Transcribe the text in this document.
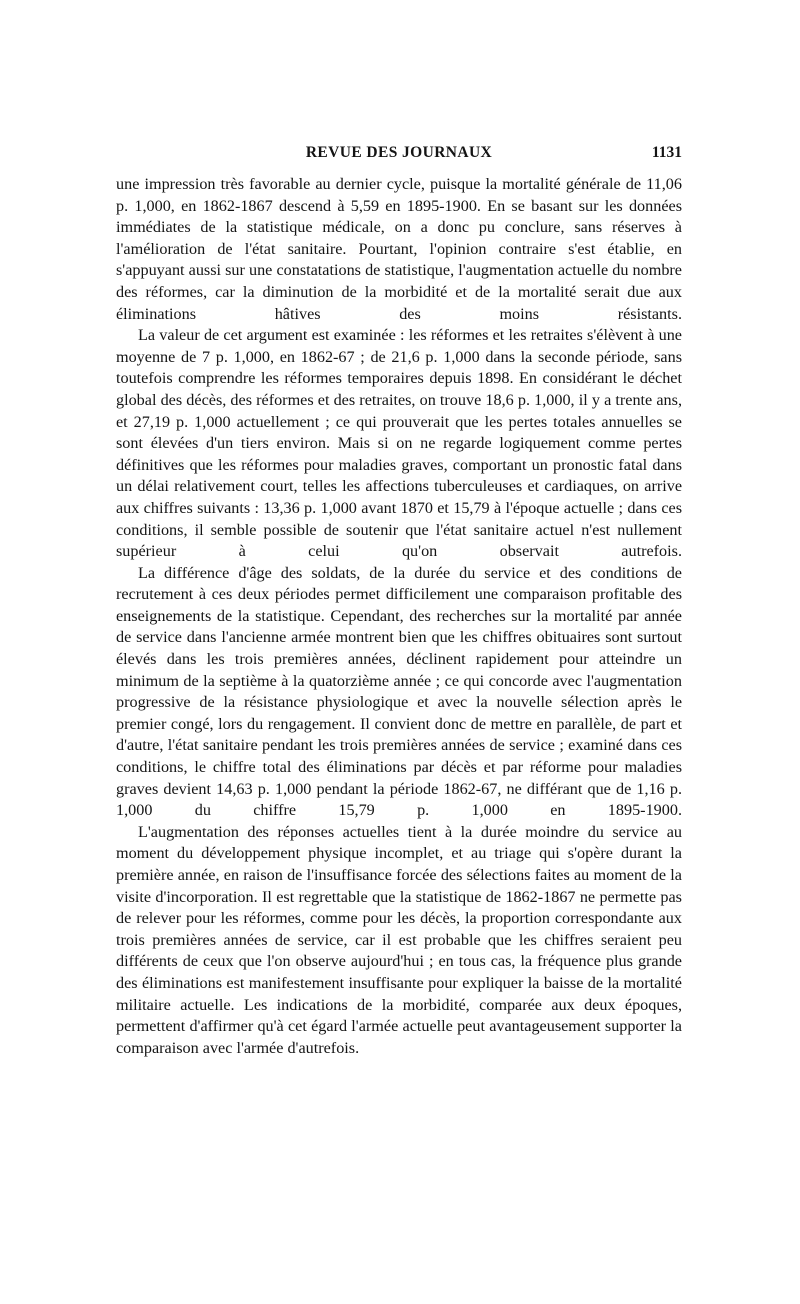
REVUE DES JOURNAUX	1131

une impression très favorable au dernier cycle, puisque la mortalité générale de 11,06 p. 1,000, en 1862-1867 descend à 5,59 en 1895-1900. En se basant sur les données immédiates de la statistique médicale, on a donc pu conclure, sans réserves à l'amélioration de l'état sanitaire. Pourtant, l'opinion contraire s'est établie, en s'appuyant aussi sur une constatations de statistique, l'augmentation actuelle du nombre des réformes, car la diminution de la morbidité et de la mortalité serait due aux éliminations hâtives des moins résistants.

La valeur de cet argument est examinée : les réformes et les retraites s'élèvent à une moyenne de 7 p. 1,000, en 1862-67 ; de 21,6 p. 1,000 dans la seconde période, sans toutefois comprendre les réformes temporaires depuis 1898. En considérant le déchet global des décès, des réformes et des retraites, on trouve 18,6 p. 1,000, il y a trente ans, et 27,19 p. 1,000 actuellement ; ce qui prouverait que les pertes totales annuelles se sont élevées d'un tiers environ. Mais si on ne regarde logiquement comme pertes définitives que les réformes pour maladies graves, comportant un pronostic fatal dans un délai relativement court, telles les affections tuberculeuses et cardiaques, on arrive aux chiffres suivants : 13,36 p. 1,000 avant 1870 et 15,79 à l'époque actuelle ; dans ces conditions, il semble possible de soutenir que l'état sanitaire actuel n'est nullement supérieur à celui qu'on observait autrefois.

La différence d'âge des soldats, de la durée du service et des conditions de recrutement à ces deux périodes permet difficilement une comparaison profitable des enseignements de la statistique. Cependant, des recherches sur la mortalité par année de service dans l'ancienne armée montrent bien que les chiffres obituaires sont surtout élevés dans les trois premières années, déclinent rapidement pour atteindre un minimum de la septième à la quatorzième année ; ce qui concorde avec l'augmentation progressive de la résistance physiologique et avec la nouvelle sélection après le premier congé, lors du rengagement. Il convient donc de mettre en parallèle, de part et d'autre, l'état sanitaire pendant les trois premières années de service ; examiné dans ces conditions, le chiffre total des éliminations par décès et par réforme pour maladies graves devient 14,63 p. 1,000 pendant la période 1862-67, ne différant que de 1,16 p. 1,000 du chiffre 15,79 p. 1,000 en 1895-1900.

L'augmentation des réponses actuelles tient à la durée moindre du service au moment du développement physique incomplet, et au triage qui s'opère durant la première année, en raison de l'insuffisance forcée des sélections faites au moment de la visite d'incorporation. Il est regrettable que la statistique de 1862-1867 ne permette pas de relever pour les réformes, comme pour les décès, la proportion correspondante aux trois premières années de service, car il est probable que les chiffres seraient peu différents de ceux que l'on observe aujourd'hui ; en tous cas, la fréquence plus grande des éliminations est manifestement insuffisante pour expliquer la baisse de la mortalité militaire actuelle. Les indications de la morbidité, comparée aux deux époques, permettent d'affirmer qu'à cet égard l'armée actuelle peut avantageusement supporter la comparaison avec l'armée d'autrefois.
